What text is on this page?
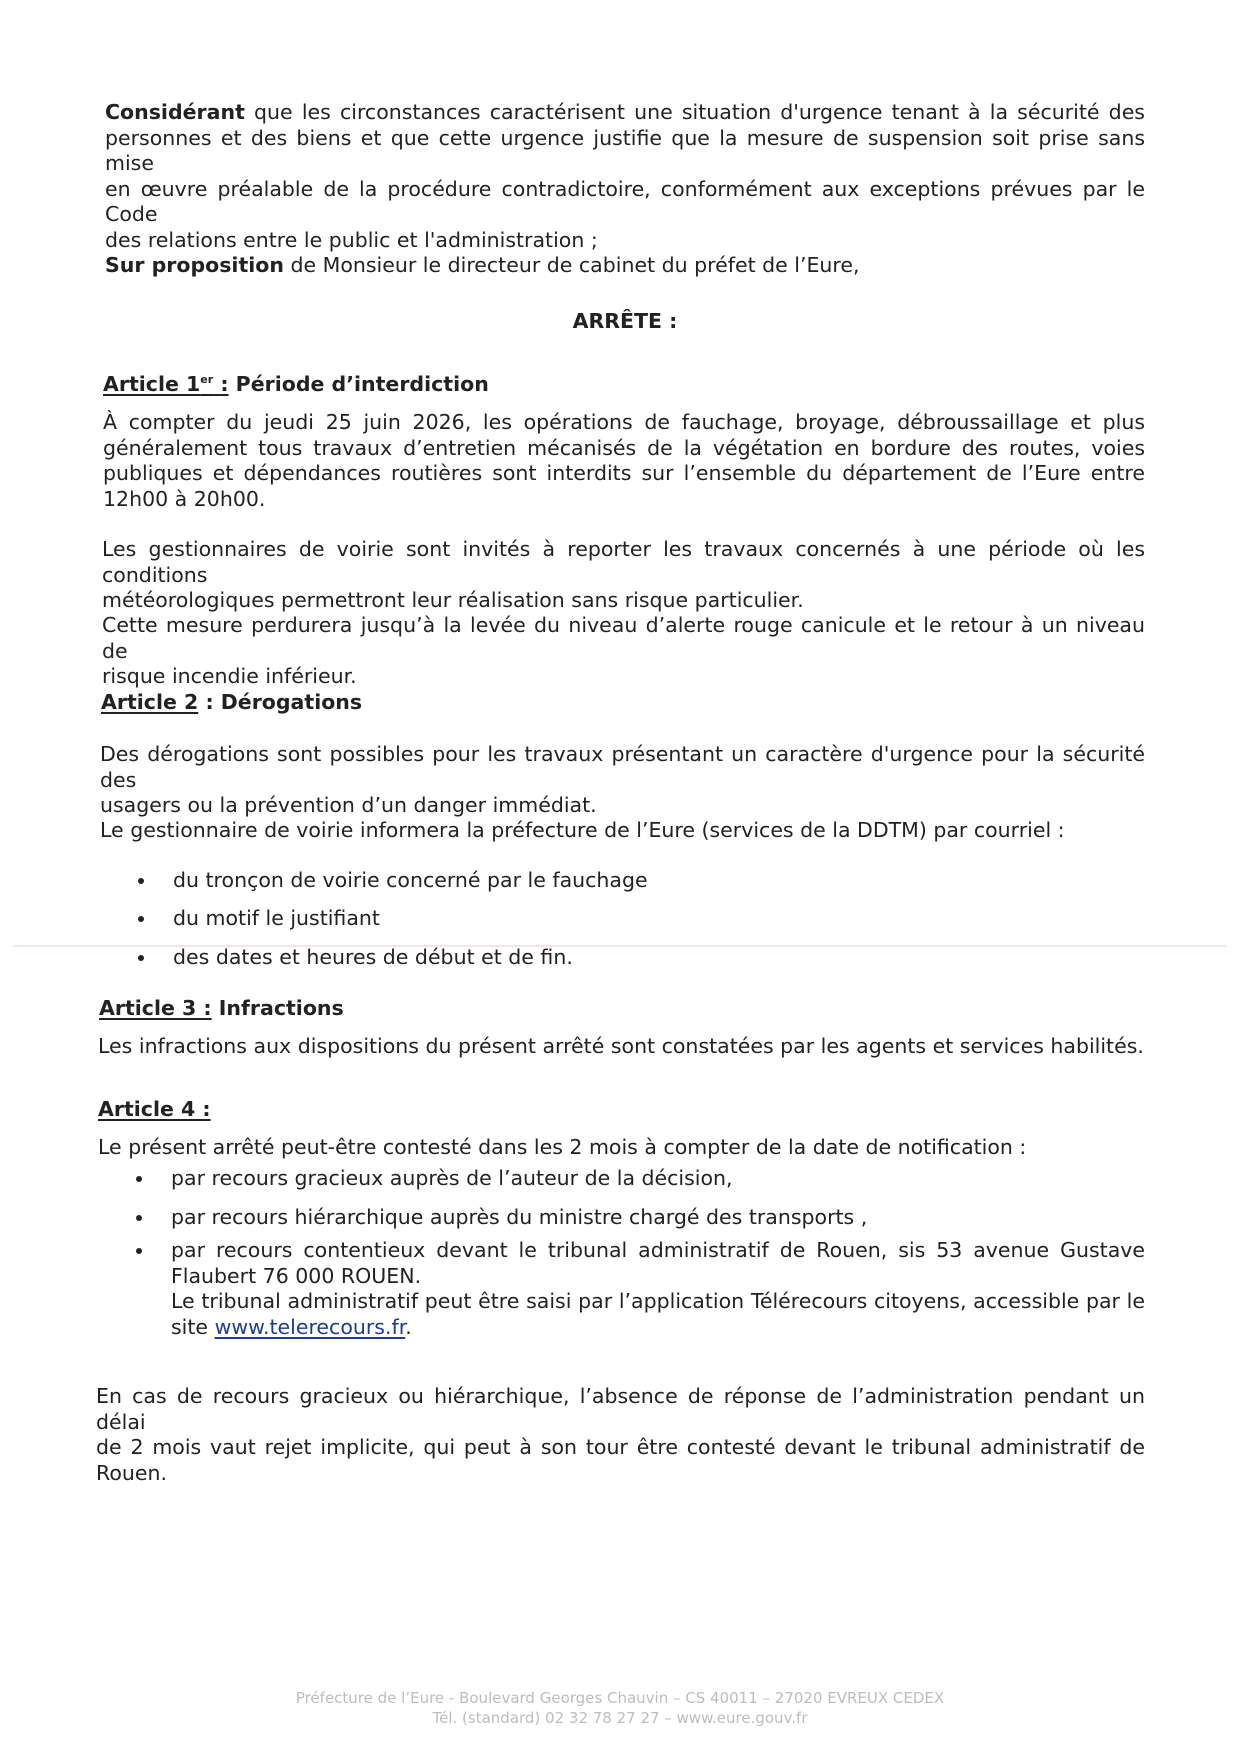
Considérant que les circonstances caractérisent une situation d'urgence tenant à la sécurité des
personnes et des biens et que cette urgence justifie que la mesure de suspension soit prise sans mise
en œuvre préalable de la procédure contradictoire, conformément aux exceptions prévues par le Code
des relations entre le public et l'administration ;
Sur proposition de Monsieur le directeur de cabinet du préfet de l’Eure,
ARRÊTE :
Article 1er : Période d’interdiction
À compter du jeudi 25 juin 2026, les opérations de fauchage, broyage, débroussaillage et plus
généralement tous travaux d’entretien mécanisés de la végétation en bordure des routes, voies
publiques et dépendances routières sont interdits sur l’ensemble du département de l’Eure entre
12h00 à 20h00.
Les gestionnaires de voirie sont invités à reporter les travaux concernés à une période où les conditions
météorologiques permettront leur réalisation sans risque particulier.
Cette mesure perdurera jusqu’à la levée du niveau d’alerte rouge canicule et le retour à un niveau de
risque incendie inférieur.
Article 2 : Dérogations
Des dérogations sont possibles pour les travaux présentant un caractère d'urgence pour la sécurité des
usagers ou la prévention d’un danger immédiat.
Le gestionnaire de voirie informera la préfecture de l’Eure (services de la DDTM) par courriel :
du tronçon de voirie concerné par le fauchage
du motif le justifiant
des dates et heures de début et de fin.
Article 3 : Infractions
Les infractions aux dispositions du présent arrêté sont constatées par les agents et services habilités.
Article 4 :
Le présent arrêté peut-être contesté dans les 2 mois à compter de la date de notification :
par recours gracieux auprès de l’auteur de la décision,
par recours hiérarchique auprès du ministre chargé des transports ,
par recours contentieux devant le tribunal administratif de Rouen, sis 53 avenue Gustave
Flaubert 76 000 ROUEN.
Le tribunal administratif peut être saisi par l’application Télérecours citoyens, accessible par le
site www.telerecours.fr.
En cas de recours gracieux ou hiérarchique, l’absence de réponse de l’administration pendant un délai
de 2 mois vaut rejet implicite, qui peut à son tour être contesté devant le tribunal administratif de
Rouen.
Préfecture de l’Eure - Boulevard Georges Chauvin – CS 40011 – 27020 EVREUX CEDEX
Tél. (standard) 02 32 78 27 27 – www.eure.gouv.fr
